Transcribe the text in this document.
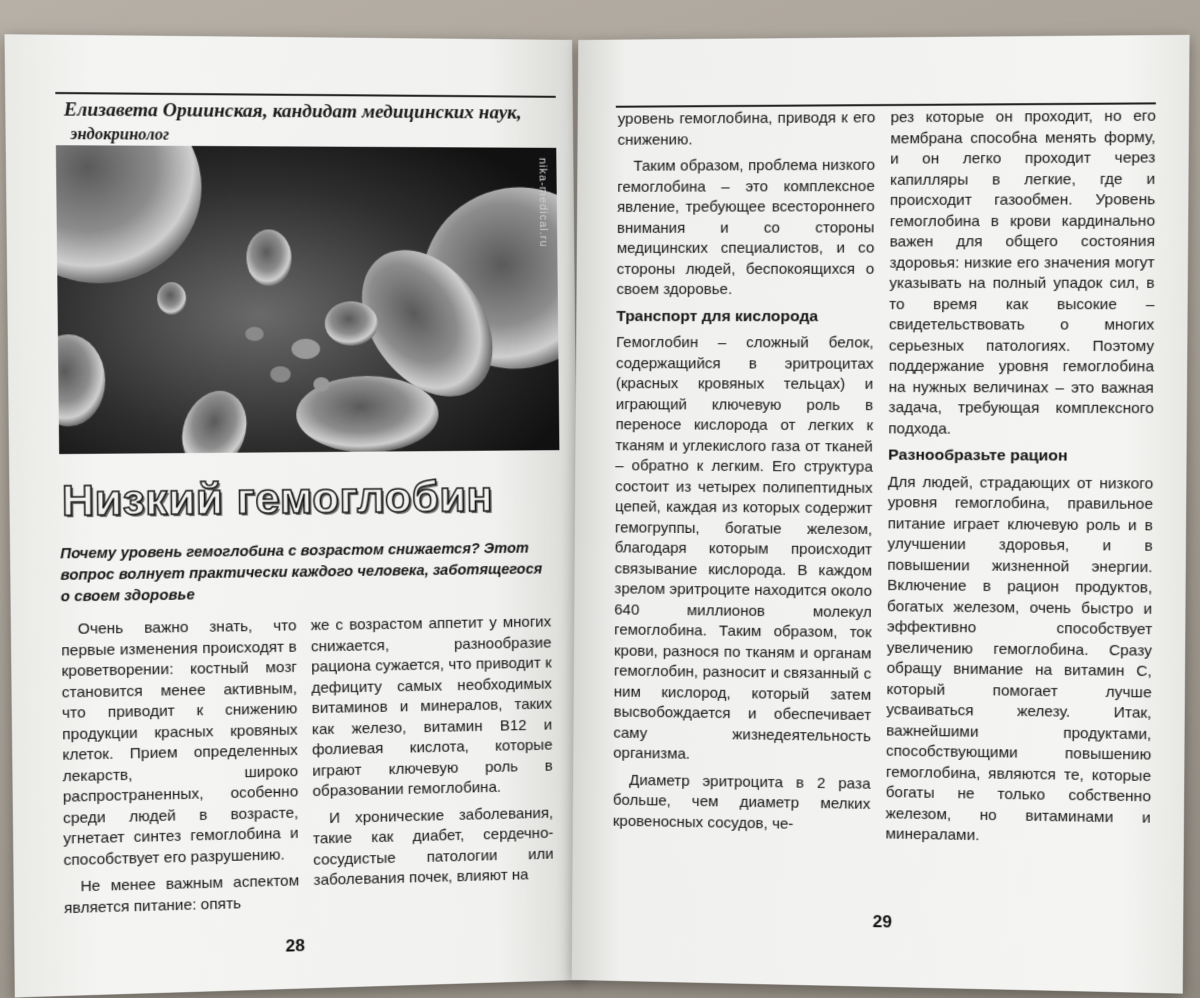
Елизавета Оршинская, кандидат медицинских наук,
эндокринолог
nika-medical.ru
Низкий гемоглобин
Почему уровень гемоглобина с возрастом снижается? Этот вопрос волнует практически каждого человека, заботящегося о своем здоровье

Очень важно знать, что первые изменения происходят в кроветворении: костный мозг становится менее активным, что приводит к снижению продукции красных кровяных клеток. Прием определенных лекарств, широко распространенных, особенно среди людей в возрасте, угнетает синтез гемоглобина и способствует его разрушению.

Не менее важным аспектом является питание: опять

же с возрастом аппетит у многих снижается, разнообразие рациона сужается, что приводит к дефициту самых необходимых витаминов и минералов, таких как железо, витамин B12 и фолиевая кислота, которые играют ключевую роль в образовании гемоглобина.

И хронические заболевания, такие как диабет, сердечно-сосудистые патологии или заболевания почек, влияют на

28

уровень гемоглобина, приводя к его снижению.

Таким образом, проблема низкого гемоглобина – это комплексное явление, требующее всестороннего внимания и со стороны медицинских специалистов, и со стороны людей, беспокоящихся о своем здоровье.

Транспорт для кислорода

Гемоглобин – сложный белок, содержащийся в эритроцитах (красных кровяных тельцах) и играющий ключевую роль в переносе кислорода от легких к тканям и углекислого газа от тканей – обратно к легким. Его структура состоит из четырех полипептидных цепей, каждая из которых содержит гемогруппы, богатые железом, благодаря которым происходит связывание кислорода. В каждом зрелом эритроците находится около 640 миллионов молекул гемоглобина. Таким образом, ток крови, разнося по тканям и органам гемоглобин, разносит и связанный с ним кислород, который затем высвобождается и обеспечивает саму жизнедеятельность организма.

Диаметр эритроцита в 2 раза больше, чем диаметр мелких кровеносных сосудов, че-

рез которые он проходит, но его мембрана способна менять форму, и он легко проходит через капилляры в легкие, где и происходит газообмен. Уровень гемоглобина в крови кардинально важен для общего состояния здоровья: низкие его значения могут указывать на полный упадок сил, в то время как высокие – свидетельствовать о многих серьезных патологиях. Поэтому поддержание уровня гемоглобина на нужных величинах – это важная задача, требующая комплексного подхода.

Разнообразьте рацион

Для людей, страдающих от низкого уровня гемоглобина, правильное питание играет ключевую роль и в улучшении здоровья, и в повышении жизненной энергии. Включение в рацион продуктов, богатых железом, очень быстро и эффективно способствует увеличению гемоглобина. Сразу обращу внимание на витамин С, который помогает лучше усваиваться железу. Итак, важнейшими продуктами, способствующими повышению гемоглобина, являются те, которые богаты не только собственно железом, но витаминами и минералами.

29
